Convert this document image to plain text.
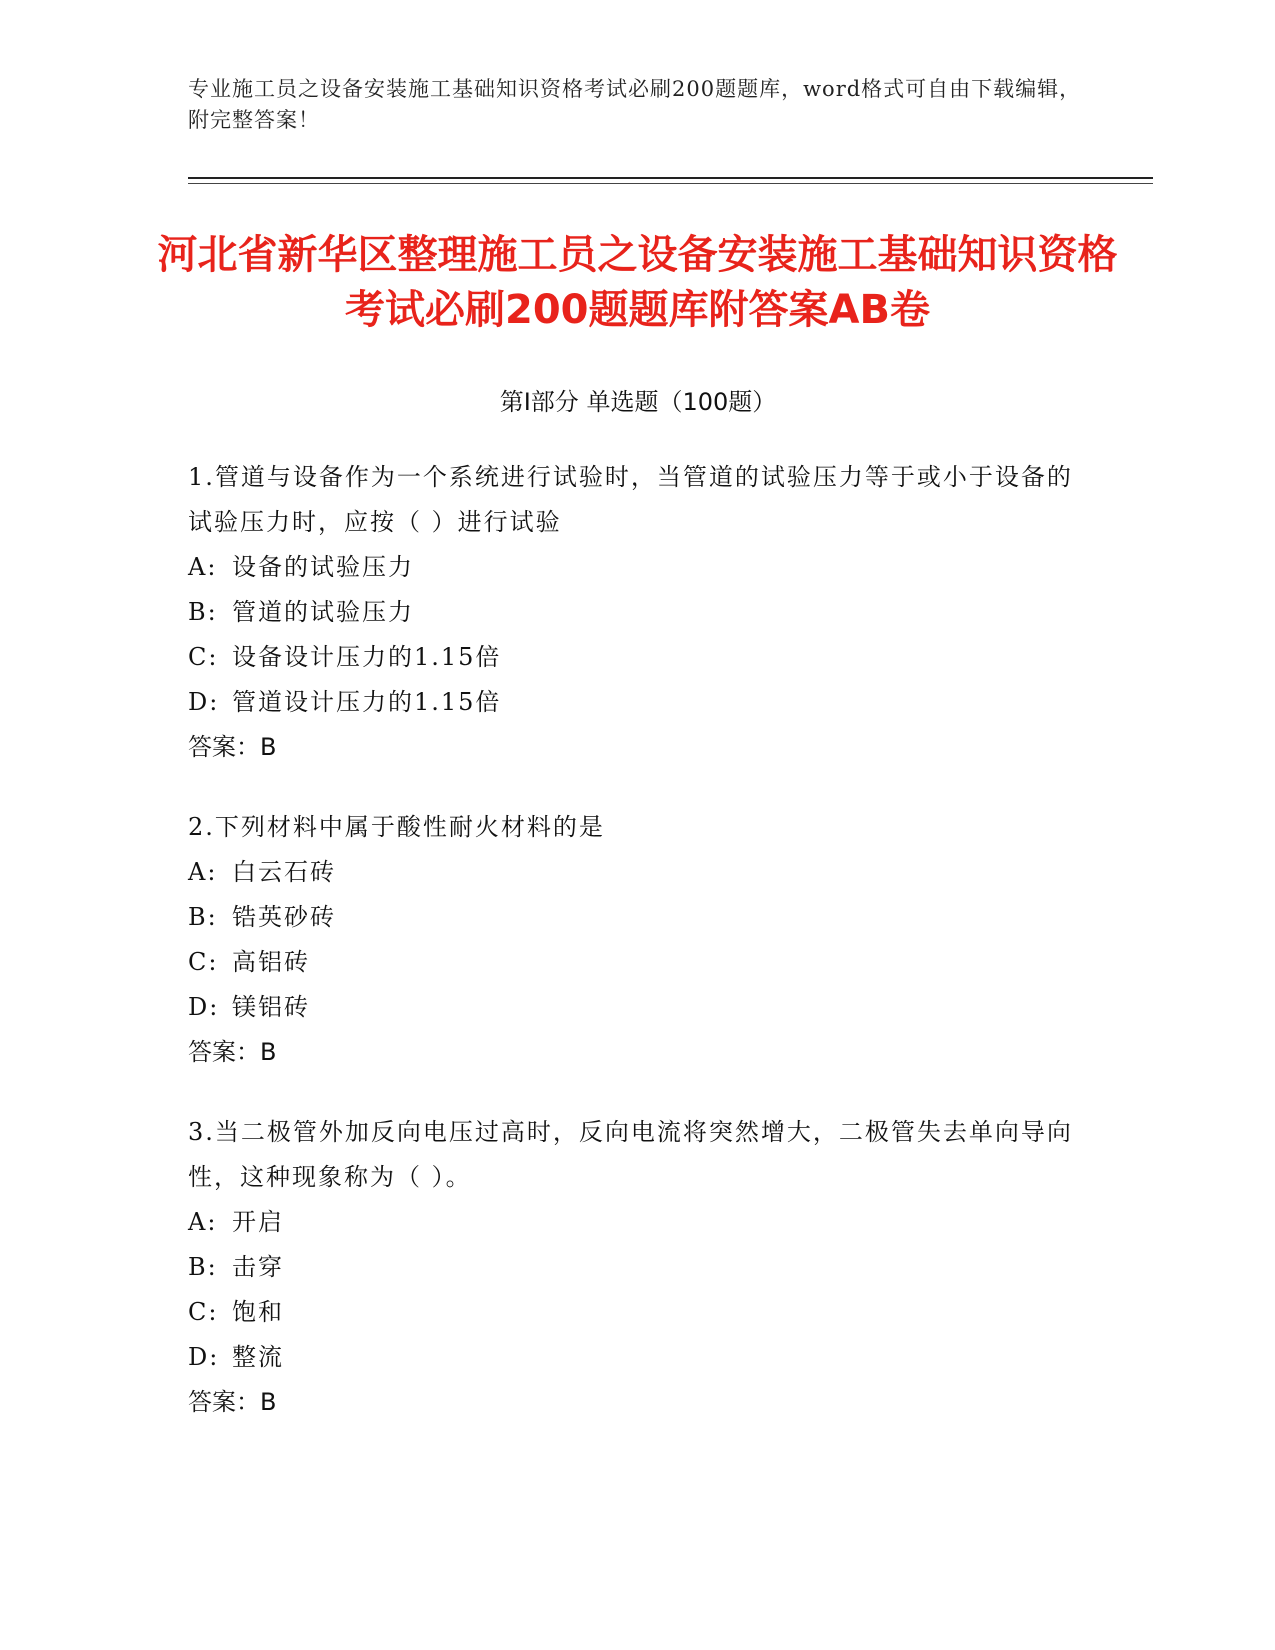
专业施工员之设备安装施工基础知识资格考试必刷200题题库，word格式可自由下载编辑，附完整答案！
河北省新华区整理施工员之设备安装施工基础知识资格考试必刷200题题库附答案AB卷
第I部分 单选题（100题）

1.管道与设备作为一个系统进行试验时，当管道的试验压力等于或小于设备的试验压力时，应按（ ）进行试验

A: 设备的试验压力

B: 管道的试验压力

C: 设备设计压力的1.15倍

D: 管道设计压力的1.15倍

答案：B

2.下列材料中属于酸性耐火材料的是

A: 白云石砖

B: 锆英砂砖

C: 高铝砖

D: 镁铝砖

答案：B

3.当二极管外加反向电压过高时，反向电流将突然增大，二极管失去单向导向性，这种现象称为（ ）。

A: 开启

B: 击穿

C: 饱和

D: 整流

答案：B
